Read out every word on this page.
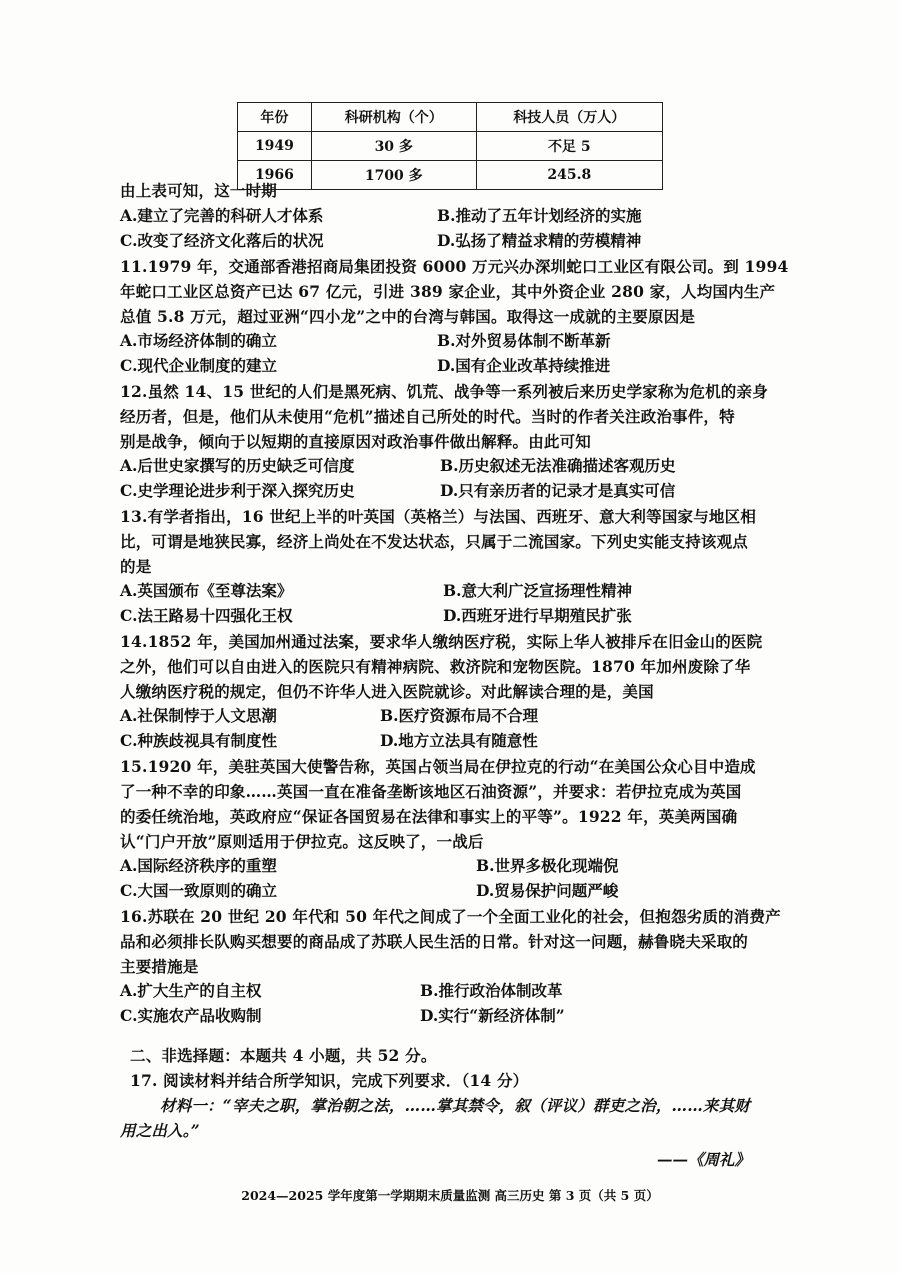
年份	科研机构（个）	科技人员（万人）
1949	30 多	不足 5
1966	1700 多	245.8
由上表可知，这一时期
A.建立了完善的科研人才体系	B.推动了五年计划经济的实施
C.改变了经济文化落后的状况	D.弘扬了精益求精的劳模精神
11.1979 年，交通部香港招商局集团投资 6000 万元兴办深圳蛇口工业区有限公司。到 1994
年蛇口工业区总资产已达 67 亿元，引进 389 家企业，其中外资企业 280 家，人均国内生产
总值 5.8 万元，超过亚洲“四小龙”之中的台湾与韩国。取得这一成就的主要原因是
A.市场经济体制的确立	B.对外贸易体制不断革新
C.现代企业制度的建立	D.国有企业改革持续推进
12.虽然 14、15 世纪的人们是黑死病、饥荒、战争等一系列被后来历史学家称为危机的亲身
经历者，但是，他们从未使用“危机”描述自己所处的时代。当时的作者关注政治事件，特
别是战争，倾向于以短期的直接原因对政治事件做出解释。由此可知
A.后世史家撰写的历史缺乏可信度	B.历史叙述无法准确描述客观历史
C.史学理论进步利于深入探究历史	D.只有亲历者的记录才是真实可信
13.有学者指出，16 世纪上半的叶英国（英格兰）与法国、西班牙、意大利等国家与地区相
比，可谓是地狭民寡，经济上尚处在不发达状态，只属于二流国家。下列史实能支持该观点
的是
A.英国颁布《至尊法案》	B.意大利广泛宣扬理性精神
C.法王路易十四强化王权	D.西班牙进行早期殖民扩张
14.1852 年，美国加州通过法案，要求华人缴纳医疗税，实际上华人被排斥在旧金山的医院
之外，他们可以自由进入的医院只有精神病院、救济院和宠物医院。1870 年加州废除了华
人缴纳医疗税的规定，但仍不许华人进入医院就诊。对此解读合理的是，美国
A.社保制悖于人文思潮	B.医疗资源布局不合理
C.种族歧视具有制度性	D.地方立法具有随意性
15.1920 年，美驻英国大使警告称，英国占领当局在伊拉克的行动“在美国公众心目中造成
了一种不幸的印象……英国一直在准备垄断该地区石油资源”，并要求：若伊拉克成为英国
的委任统治地，英政府应“保证各国贸易在法律和事实上的平等”。1922 年，英美两国确
认“门户开放”原则适用于伊拉克。这反映了，一战后
A.国际经济秩序的重塑	B.世界多极化现端倪
C.大国一致原则的确立	D.贸易保护问题严峻
16.苏联在 20 世纪 20 年代和 50 年代之间成了一个全面工业化的社会，但抱怨劣质的消费产
品和必须排长队购买想要的商品成了苏联人民生活的日常。针对这一问题，赫鲁晓夫采取的
主要措施是
A.扩大生产的自主权	B.推行政治体制改革
C.实施农产品收购制	D.实行“新经济体制”
二、非选择题：本题共 4 小题，共 52 分。
17. 阅读材料并结合所学知识，完成下列要求．（14 分）
材料一：“宰夫之职，掌治朝之法，……掌其禁令，叙（评议）群吏之治，……来其财
用之出入。”
——《周礼》
2024—2025 学年度第一学期期末质量监测 高三历史 第 3 页（共 5 页）
